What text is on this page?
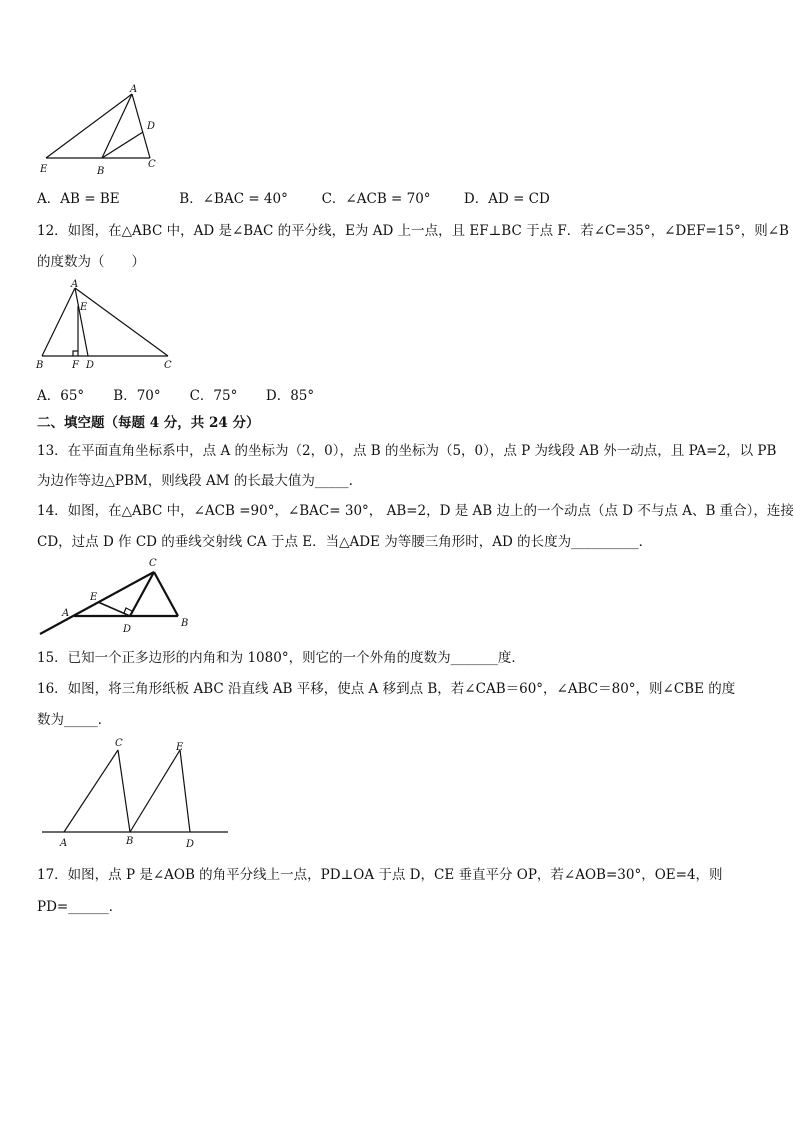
A
D
E	B
C
A．AB = BE	B．∠BAC = 40° C．∠ACB = 70° D．AD = CD
12．如图，在△ABC 中，AD 是∠BAC 的平分线，E为 AD 上一点，且 EF⊥BC 于点 F．若∠C=35°，∠DEF=15°，则∠B
的度数为（　　）
A
E
B	F D	C
A．65° B．70° C．75° D．85°
二、填空题（每题 4 分，共 24 分）
13．在平面直角坐标系中，点 A 的坐标为（2，0），点 B 的坐标为（5，0），点 P 为线段 AB 外一动点，且 PA=2，以 PB
为边作等边△PBM，则线段 AM 的长最大值为_____.
14．如图，在△ABC 中，∠ACB =90°，∠BAC= 30°， AB=2，D 是 AB 边上的一个动点（点 D 不与点 A、B 重合），连接
CD，过点 D 作 CD 的垂线交射线 CA 于点 E．当△ADE 为等腰三角形时，AD 的长度为__________．
C
E
A
D
B
15．已知一个正多边形的内角和为 1080°，则它的一个外角的度数为_______度．
16．如图，将三角形纸板 ABC 沿直线 AB 平移，使点 A 移到点 B，若∠CAB＝60°，∠ABC＝80°，则∠CBE 的度
数为_____．
C	E
A	B	D
17．如图，点 P 是∠AOB 的角平分线上一点，PD⊥OA 于点 D，CE 垂直平分 OP，若∠AOB=30°，OE=4，则
PD=______．
